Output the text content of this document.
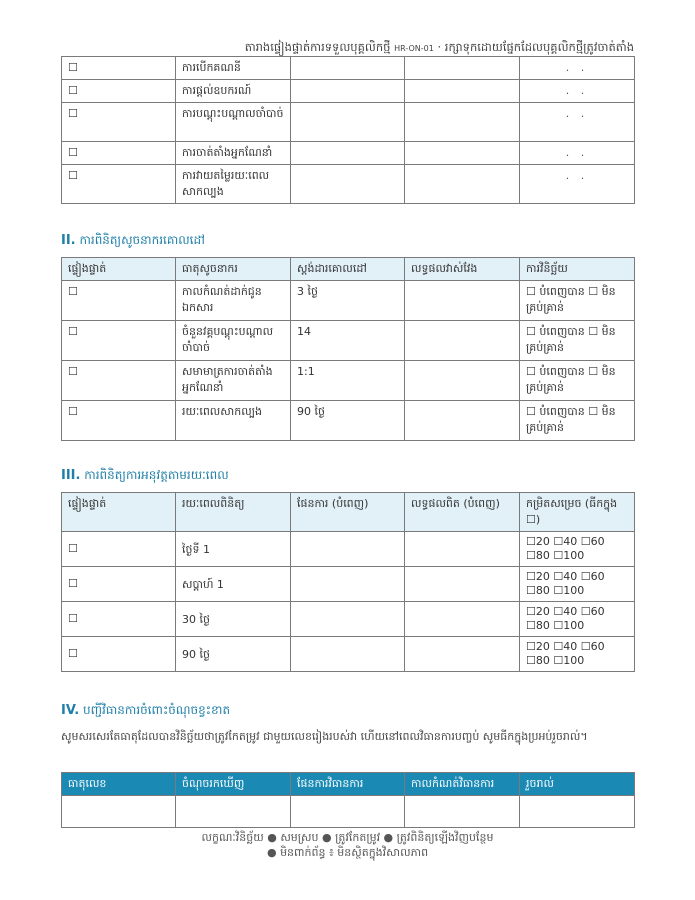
តារាងផ្ទៀងផ្ទាត់ការទទួលបុគ្គលិកថ្មី HR-ON-01 · រក្សាទុកដោយផ្នែកដែលបុគ្គលិកថ្មីត្រូវចាត់តាំង
☐	ការបើកគណនី			. .
☐	ការផ្តល់ឧបករណ៍			. .
☐	ការបណ្តុះបណ្តាលចាំបាច់			. .
☐	ការចាត់តាំងអ្នកណែនាំ			. .
☐	ការវាយតម្លៃរយៈពេលសាកល្បង			. .
II. ការពិនិត្យសូចនាករគោលដៅ
ផ្ទៀងផ្ទាត់	ធាតុសូចនាករ	ស្តង់ដារគោលដៅ	លទ្ធផលវាស់វែង	ការវិនិច្ឆ័យ
☐	កាលកំណត់ដាក់ជូនឯកសារ	3 ថ្ងៃ		☐ បំពេញបាន ☐ មិនគ្រប់គ្រាន់
☐	ចំនួនវគ្គបណ្តុះបណ្តាលចាំបាច់	14		☐ បំពេញបាន ☐ មិនគ្រប់គ្រាន់
☐	សមាមាត្រការចាត់តាំងអ្នកណែនាំ	1:1		☐ បំពេញបាន ☐ មិនគ្រប់គ្រាន់
☐	រយៈពេលសាកល្បង	90 ថ្ងៃ		☐ បំពេញបាន ☐ មិនគ្រប់គ្រាន់
III. ការពិនិត្យការអនុវត្តតាមរយៈពេល
ផ្ទៀងផ្ទាត់	រយៈពេលពិនិត្យ	ផែនការ (បំពេញ)	លទ្ធផលពិត (បំពេញ)	កម្រិតសម្រេច (ធីកក្នុង ☐)
☐	ថ្ងៃទី 1			☐20 ☐40 ☐60
☐80 ☐100

☐	សប្តាហ៍ 1			☐20 ☐40 ☐60
☐80 ☐100

☐	30 ថ្ងៃ			☐20 ☐40 ☐60
☐80 ☐100

☐	90 ថ្ងៃ			☐20 ☐40 ☐60
☐80 ☐100
IV. បញ្ជីវិធានការចំពោះចំណុចខ្វះខាត

សូមសរសេរតែធាតុដែលបានវិនិច្ឆ័យថាត្រូវកែតម្រូវ ជាមួយលេខរៀងរបស់វា ហើយនៅពេលវិធានការបញ្ចប់ សូមធីកក្នុងប្រអប់រួចរាល់។

ធាតុលេខ	ចំណុចរកឃើញ	ផែនការវិធានការ	កាលកំណត់វិធានការ	រួចរាល់

លក្ខណៈវិនិច្ឆ័យ ● សមស្រប ● ត្រូវកែតម្រូវ ● ត្រូវពិនិត្យឡើងវិញបន្ថែម
● មិនពាក់ព័ន្ធ ៖ មិនស្ថិតក្នុងវិសាលភាព
